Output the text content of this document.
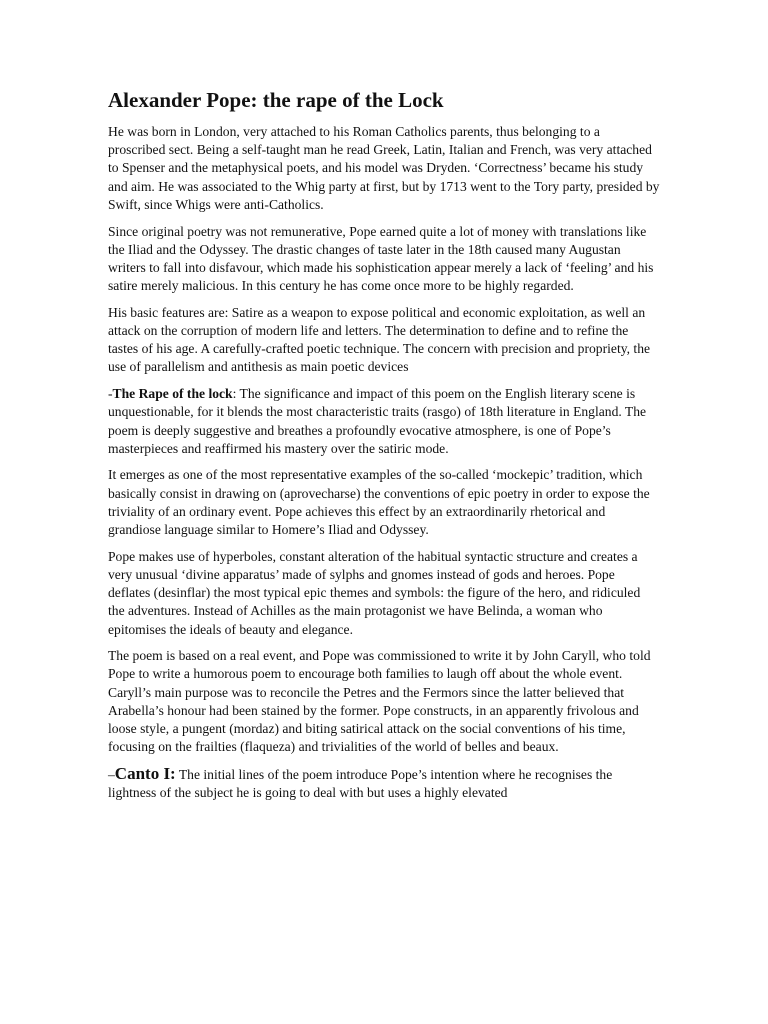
Alexander Pope: the rape of the Lock

He was born in London, very attached to his Roman Catholics parents, thus belonging to a proscribed sect. Being a self-taught man he read Greek, Latin, Italian and French, was very attached to Spenser and the metaphysical poets, and his model was Dryden. ‘Correctness’ became his study and aim. He was associated to the Whig party at first, but by 1713 went to the Tory party, presided by Swift, since Whigs were anti-Catholics.

Since original poetry was not remunerative, Pope earned quite a lot of money with translations like the Iliad and the Odyssey. The drastic changes of taste later in the 18th caused many Augustan writers to fall into disfavour, which made his sophistication appear merely a lack of ‘feeling’ and his satire merely malicious. In this century he has come once more to be highly regarded.

His basic features are: Satire as a weapon to expose political and economic exploitation, as well an attack on the corruption of modern life and letters. The determination to define and to refine the tastes of his age. A carefully-crafted poetic technique. The concern with precision and propriety, the use of parallelism and antithesis as main poetic devices

-The Rape of the lock: The significance and impact of this poem on the English literary scene is unquestionable, for it blends the most characteristic traits (rasgo) of 18th literature in England. The poem is deeply suggestive and breathes a profoundly evocative atmosphere, is one of Pope’s masterpieces and reaffirmed his mastery over the satiric mode.

It emerges as one of the most representative examples of the so-called ‘mockepic’ tradition, which basically consist in drawing on (aprovecharse) the conventions of epic poetry in order to expose the triviality of an ordinary event. Pope achieves this effect by an extraordinarily rhetorical and grandiose language similar to Homere’s Iliad and Odyssey.

Pope makes use of hyperboles, constant alteration of the habitual syntactic structure and creates a very unusual ‘divine apparatus’ made of sylphs and gnomes instead of gods and heroes. Pope deflates (desinflar) the most typical epic themes and symbols: the figure of the hero, and ridiculed the adventures. Instead of Achilles as the main protagonist we have Belinda, a woman who epitomises the ideals of beauty and elegance.

The poem is based on a real event, and Pope was commissioned to write it by John Caryll, who told Pope to write a humorous poem to encourage both families to laugh off about the whole event. Caryll’s main purpose was to reconcile the Petres and the Fermors since the latter believed that Arabella’s honour had been stained by the former. Pope constructs, in an apparently frivolous and loose style, a pungent (mordaz) and biting satirical attack on the social conventions of his time, focusing on the frailties (flaqueza) and trivialities of the world of belles and beaux.

–Canto I: The initial lines of the poem introduce Pope’s intention where he recognises the lightness of the subject he is going to deal with but uses a highly elevated
